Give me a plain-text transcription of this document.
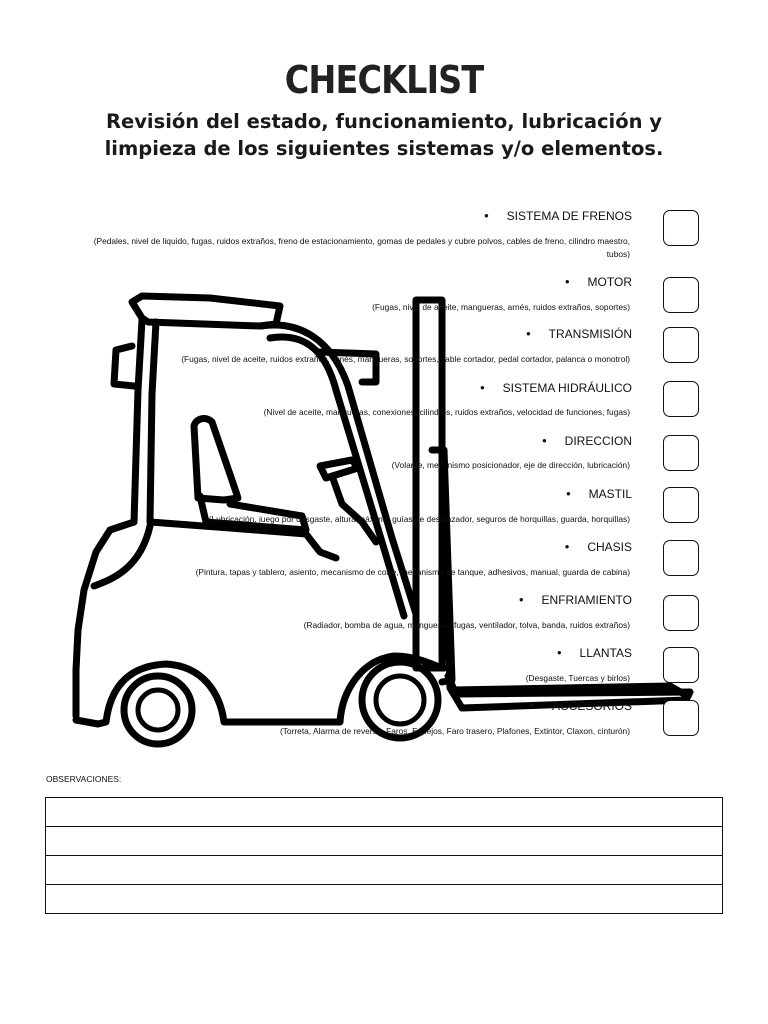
CHECKLIST
Revisión del estado, funcionamiento, lubricación y
limpieza de los siguientes sistemas y/o elementos.
• SISTEMA DE FRENOS
(Pedales, nivel de liquido, fugas, ruidos extraños, freno de estacionamiento, gomas de pedales y cubre polvos, cables de freno, cilindro maestro,
tubos)
• MOTOR
(Fugas, nivel de aceite, mangueras, arnés, ruidos extraños, soportes)
• TRANSMISIÓN
(Fugas, nivel de aceite, ruidos extraños, arnés, mangueras, soportes, cable cortador, pedal cortador, palanca o monotrol)
• SISTEMA HIDRÁULICO
(Nivel de aceite, mangueras, conexiones, cilindros, ruidos extraños, velocidad de funciones, fugas)
• DIRECCION
(Volante, mecanismo posicionador, eje de dirección, lubricación)
• MASTIL
(Lubricación, juego por desgaste, altura máxima, guías de desplazador, seguros de horquillas, guarda, horquillas)
• CHASIS
(Pintura, tapas y tablero, asiento, mecanismo de cofre, mecanismo de tanque, adhesivos, manual, guarda de cabina)
• ENFRIAMIENTO
(Radiador, bomba de agua, mangueras, fugas, ventilador, tolva, banda, ruidos extraños)
• LLANTAS
(Desgaste, Tuercas y birlos)
• ACCESORIOS
(Torreta, Alarma de reversa, Faros, Espejos, Faro trasero, Plafones, Extintor, Claxon, cinturón)
OBSERVACIONES:
